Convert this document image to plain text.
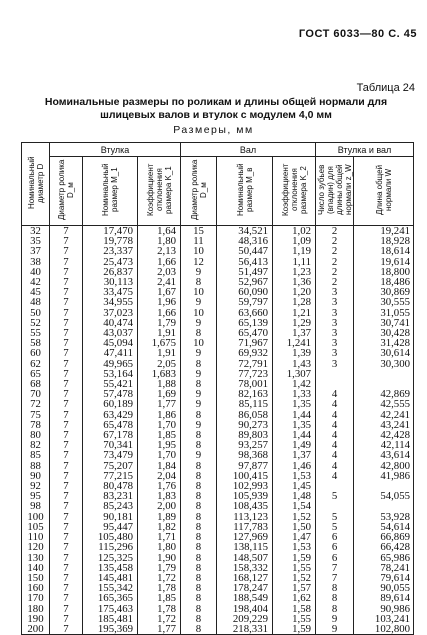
ГОСТ 6033—80 С. 45
Таблица 24
Номинальные размеры по роликам и длины общей нормали для шлицевых валов и втулок с модулем 4,0 мм
Размеры, мм
Номинальный диаметр D	Втулка			Вал			Втулка и вал	
	Диаметр ролика D_м	Номинальный размер M_1	Коэффициент отклонения размера K_1	Диаметр ролика D_м	Номинальный размер M_в	Коэффициент отклонения размера K_2	Число зубьев (впадин) для длины общей нормали z_W	Длина общей нормали W
32	7	17,470	1,64	15	34,521	1,02	2	19,241
35	7	19,778	1,80	11	48,316	1,09	2	18,928
37	7	23,337	2,13	10	50,447	1,19	2	18,614
38	7	25,473	1,66	12	56,413	1,11	2	19,614
40	7	26,837	2,03	9	51,497	1,23	2	18,800
42	7	30,113	2,41	8	52,967	1,36	2	18,486
45	7	33,475	1,67	10	60,090	1,20	3	30,869
48	7	34,955	1,96	9	59,797	1,28	3	30,555
50	7	37,023	1,66	10	63,660	1,21	3	31,055
52	7	40,474	1,79	9	65,139	1,29	3	30,741
55	7	43,037	1,91	8	65,470	1,37	3	30,428
58	7	45,094	1,675	10	71,967	1,241	3	31,428
60	7	47,411	1,91	9	69,932	1,39	3	30,614
62	7	49,965	2,05	8	72,791	1,43	3	30,300
65	7	53,164	1,683	9	77,723	1,307		
68	7	55,421	1,88	8	78,001	1,42		
70	7	57,478	1,69	9	82,163	1,33	4	42,869
72	7	60,189	1,77	9	85,115	1,35	4	42,555
75	7	63,429	1,86	8	86,058	1,44	4	42,241
78	7	65,478	1,70	9	90,273	1,35	4	43,241
80	7	67,178	1,85	8	89,803	1,44	4	42,428
82	7	70,341	1,95	8	93,257	1,49	4	42,114
85	7	73,479	1,70	9	98,368	1,37	4	43,614
88	7	75,207	1,84	8	97,877	1,46	4	42,800
90	7	77,215	2,04	8	100,415	1,53	4	41,986
92	7	80,478	1,76	8	102,993	1,45		
95	7	83,231	1,83	8	105,939	1,48	5	54,055
98	7	85,243	2,00	8	108,435	1,54		
100	7	90,181	1,89	8	113,123	1,52	5	53,928
105	7	95,447	1,82	8	117,783	1,50	5	54,614
110	7	105,480	1,71	8	127,969	1,47	6	66,869
120	7	115,296	1,80	8	138,115	1,53	6	66,428
130	7	125,325	1,90	8	148,507	1,59	6	65,986
140	7	135,458	1,79	8	158,332	1,55	7	78,241
150	7	145,481	1,72	8	168,127	1,52	7	79,614
160	7	155,342	1,78	8	178,247	1,57	8	90,055
170	7	165,365	1,85	8	188,549	1,62	8	89,614
180	7	175,463	1,78	8	198,404	1,58	8	90,986
190	7	185,481	1,72	8	209,229	1,55	9	103,241
200	7	195,369	1,77	8	218,331	1,59	9	102,800
